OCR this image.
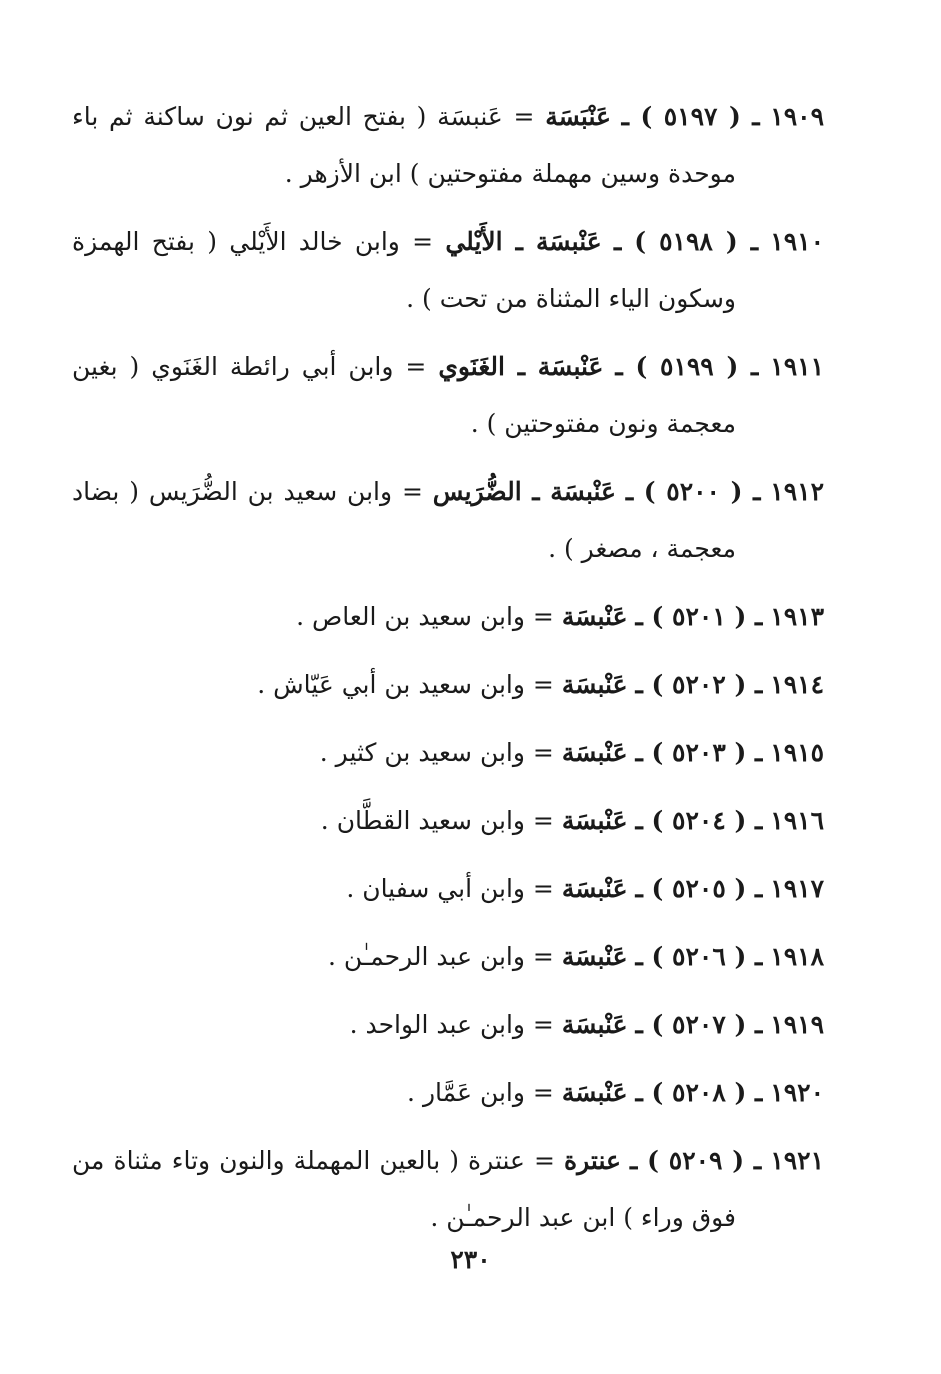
١٩٠٩ ـ ( ٥١٩٧ ) ـ عَنْبَسَة = عَنبسَة ( بفتح العين ثم نون ساكنة ثم باء
موحدة وسين مهملة مفتوحتين ) ابن الأزهر .
١٩١٠ ـ ( ٥١٩٨ ) ـ عَنْبسَة ـ الأَيْلي = وابن خالد الأَيْلي ( بفتح الهمزة
وسكون الياء المثناة من تحت ) .
١٩١١ ـ ( ٥١٩٩ ) ـ عَنْبسَة ـ الغَنَوي = وابن أبي رائطة الغَنَوي ( بغين
معجمة ونون مفتوحتين ) .
١٩١٢ ـ ( ٥٢٠٠ ) ـ عَنْبسَة ـ الضُّرَيس = وابن سعيد بن الضُّرَيس ( بضاد
معجمة ، مصغر ) .
١٩١٣ ـ ( ٥٢٠١ ) ـ عَنْبسَة = وابن سعيد بن العاص .
١٩١٤ ـ ( ٥٢٠٢ ) ـ عَنْبسَة = وابن سعيد بن أبي عَيّاش .
١٩١٥ ـ ( ٥٢٠٣ ) ـ عَنْبسَة = وابن سعيد بن كثير .
١٩١٦ ـ ( ٥٢٠٤ ) ـ عَنْبسَة = وابن سعيد القطَّان .
١٩١٧ ـ ( ٥٢٠٥ ) ـ عَنْبسَة = وابن أبي سفيان .
١٩١٨ ـ ( ٥٢٠٦ ) ـ عَنْبسَة = وابن عبد الرحمـٰن .
١٩١٩ ـ ( ٥٢٠٧ ) ـ عَنْبسَة = وابن عبد الواحد .
١٩٢٠ ـ ( ٥٢٠٨ ) ـ عَنْبسَة = وابن عَمَّار .
١٩٢١ ـ ( ٥٢٠٩ ) ـ عنترة = عنترة ( بالعين المهملة والنون وتاء مثناة من
فوق وراء ) ابن عبد الرحمـٰن .
٢٣٠
